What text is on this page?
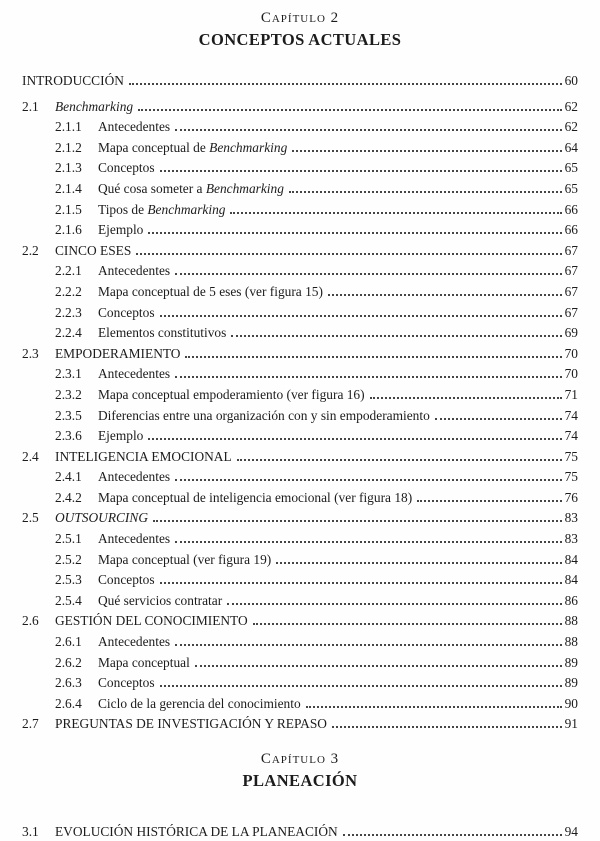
Capítulo 2
CONCEPTOS ACTUALES
INTRODUCCIÓN	60
2.1	Benchmarking	62
2.1.1	Antecedentes	62
2.1.2	Mapa conceptual de Benchmarking	64
2.1.3	Conceptos	65
2.1.4	Qué cosa someter a Benchmarking	65
2.1.5	Tipos de Benchmarking	66
2.1.6	Ejemplo	66
2.2	CINCO ESES	67
2.2.1	Antecedentes	67
2.2.2	Mapa conceptual de 5 eses (ver figura 15)	67
2.2.3	Conceptos	67
2.2.4	Elementos constitutivos	69
2.3	EMPODERAMIENTO	70
2.3.1	Antecedentes	70
2.3.2	Mapa conceptual empoderamiento (ver figura 16)	71
2.3.5	Diferencias entre una organización con y sin empoderamiento	74
2.3.6	Ejemplo	74
2.4	INTELIGENCIA EMOCIONAL	75
2.4.1	Antecedentes	75
2.4.2	Mapa conceptual de inteligencia emocional (ver figura 18)	76
2.5	OUTSOURCING	83
2.5.1	Antecedentes	83
2.5.2	Mapa conceptual (ver figura 19)	84
2.5.3	Conceptos	84
2.5.4	Qué servicios contratar	86
2.6	GESTIÓN DEL CONOCIMIENTO	88
2.6.1	Antecedentes	88
2.6.2	Mapa conceptual	89
2.6.3	Conceptos	89
2.6.4	Ciclo de la gerencia del conocimiento	90
2.7	PREGUNTAS DE INVESTIGACIÓN Y REPASO	91
Capítulo 3
PLANEACIÓN
3.1	EVOLUCIÓN HISTÓRICA DE LA PLANEACIÓN	94
